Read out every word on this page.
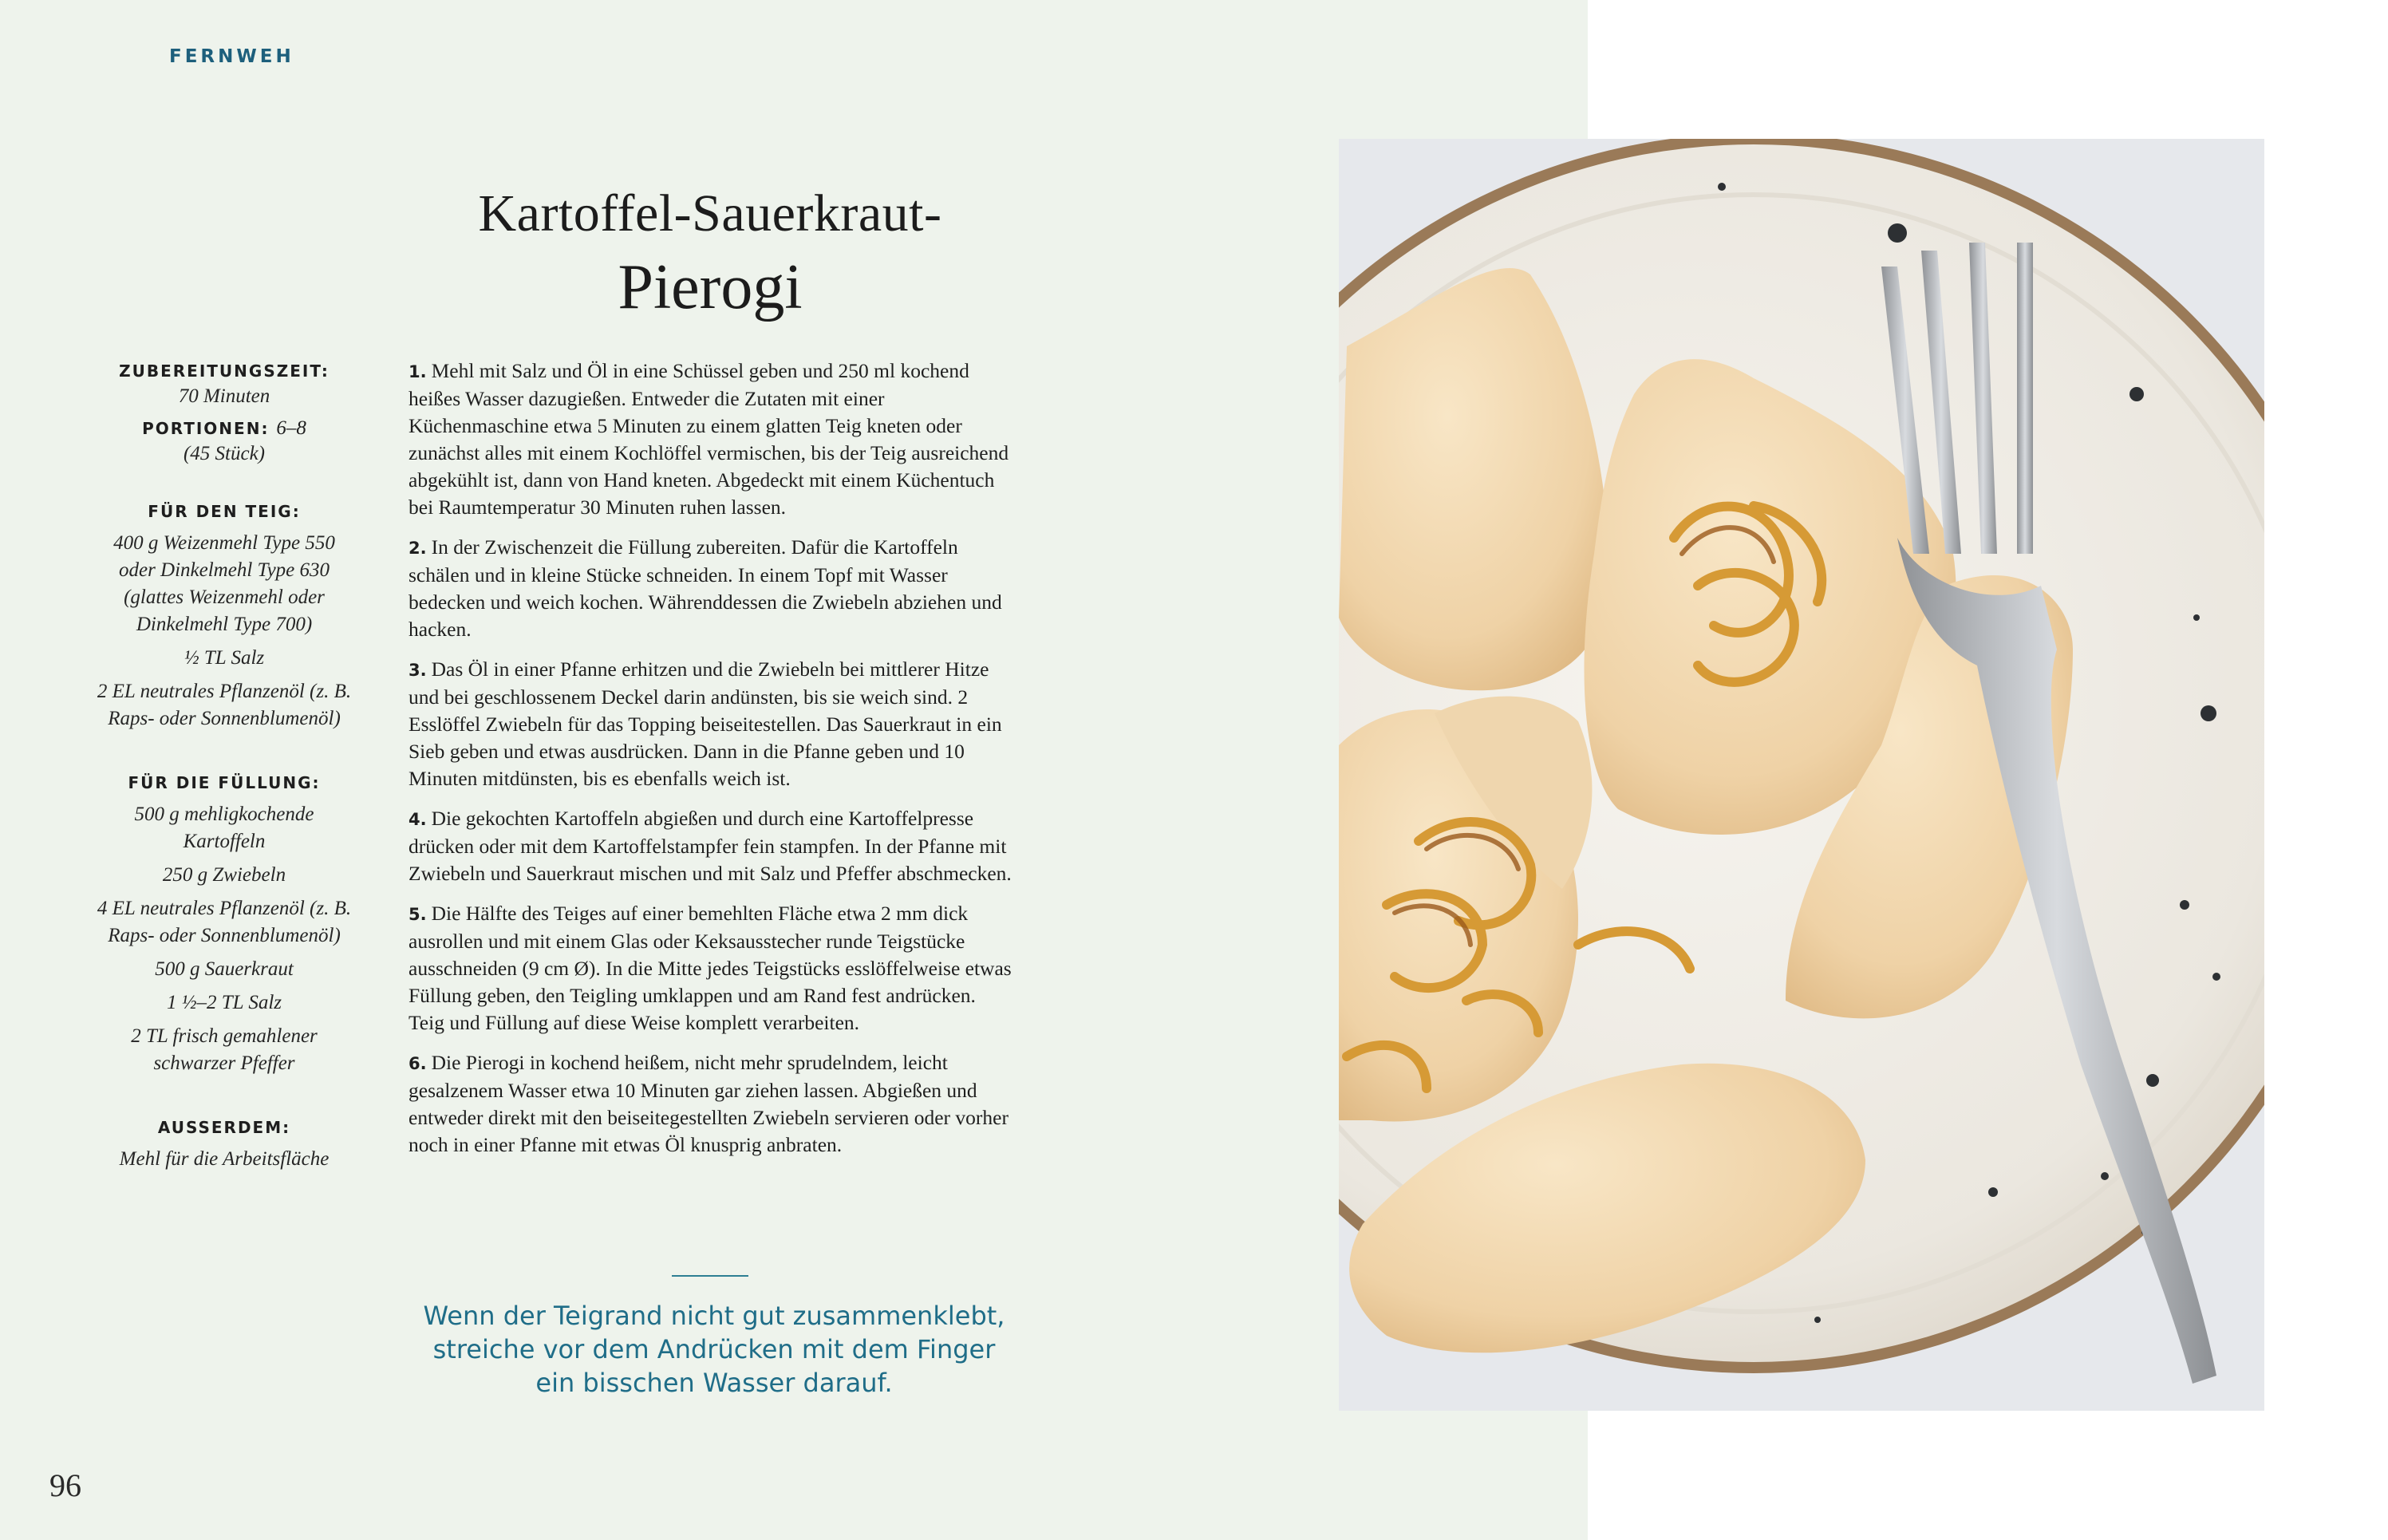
FERNWEH
Kartoffel-Sauerkraut-
Pierogi
ZUBEREITUNGSZEIT:
70 Minuten
PORTIONEN: 6–8
(45 Stück)
FÜR DEN TEIG:
400 g Weizenmehl Type 550 oder Dinkelmehl Type 630 (glattes Weizenmehl oder Dinkelmehl Type 700)
½ TL Salz
2 EL neutrales Pflanzenöl (z. B. Raps- oder Sonnenblumenöl)
FÜR DIE FÜLLUNG:
500 g mehligkochende Kartoffeln
250 g Zwiebeln
4 EL neutrales Pflanzenöl (z. B. Raps- oder Sonnenblumenöl)
500 g Sauerkraut
1 ½–2 TL Salz
2 TL frisch gemahlener schwarzer Pfeffer
AUSSERDEM:
Mehl für die Arbeitsfläche

1. Mehl mit Salz und Öl in eine Schüssel geben und 250 ml kochend heißes Wasser dazugießen. Entweder die Zutaten mit einer Küchenmaschine etwa 5 Minuten zu einem glatten Teig kneten oder zunächst alles mit einem Kochlöffel vermischen, bis der Teig ausreichend abgekühlt ist, dann von Hand kneten. Abgedeckt mit einem Küchentuch bei Raumtemperatur 30 Minuten ruhen lassen.

2. In der Zwischenzeit die Füllung zubereiten. Dafür die Kartoffeln schälen und in kleine Stücke schneiden. In einem Topf mit Wasser bedecken und weich kochen. Währenddessen die Zwiebeln abziehen und hacken.

3. Das Öl in einer Pfanne erhitzen und die Zwiebeln bei mittlerer Hitze und bei geschlossenem Deckel darin andünsten, bis sie weich sind. 2 Esslöffel Zwiebeln für das Topping beiseitestellen. Das Sauerkraut in ein Sieb geben und etwas ausdrücken. Dann in die Pfanne geben und 10 Minuten mitdünsten, bis es ebenfalls weich ist.

4. Die gekochten Kartoffeln abgießen und durch eine Kartoffelpresse drücken oder mit dem Kartoffelstampfer fein stampfen. In der Pfanne mit Zwiebeln und Sauerkraut mischen und mit Salz und Pfeffer abschmecken.

5. Die Hälfte des Teiges auf einer bemehlten Fläche etwa 2 mm dick ausrollen und mit einem Glas oder Keksausstecher runde Teigstücke ausschneiden (9 cm Ø). In die Mitte jedes Teigstücks esslöffelweise etwas Füllung geben, den Teigling umklappen und am Rand fest andrücken. Teig und Füllung auf diese Weise komplett verarbeiten.

6. Die Pierogi in kochend heißem, nicht mehr sprudelndem, leicht gesalzenem Wasser etwa 10 Minuten gar ziehen lassen. Abgießen und entweder direkt mit den beiseitegestellten Zwiebeln servieren oder vorher noch in einer Pfanne mit etwas Öl knusprig anbraten.

Wenn der Teigrand nicht gut zusammenklebt,
streiche vor dem Andrücken mit dem Finger
ein bisschen Wasser darauf.
96
